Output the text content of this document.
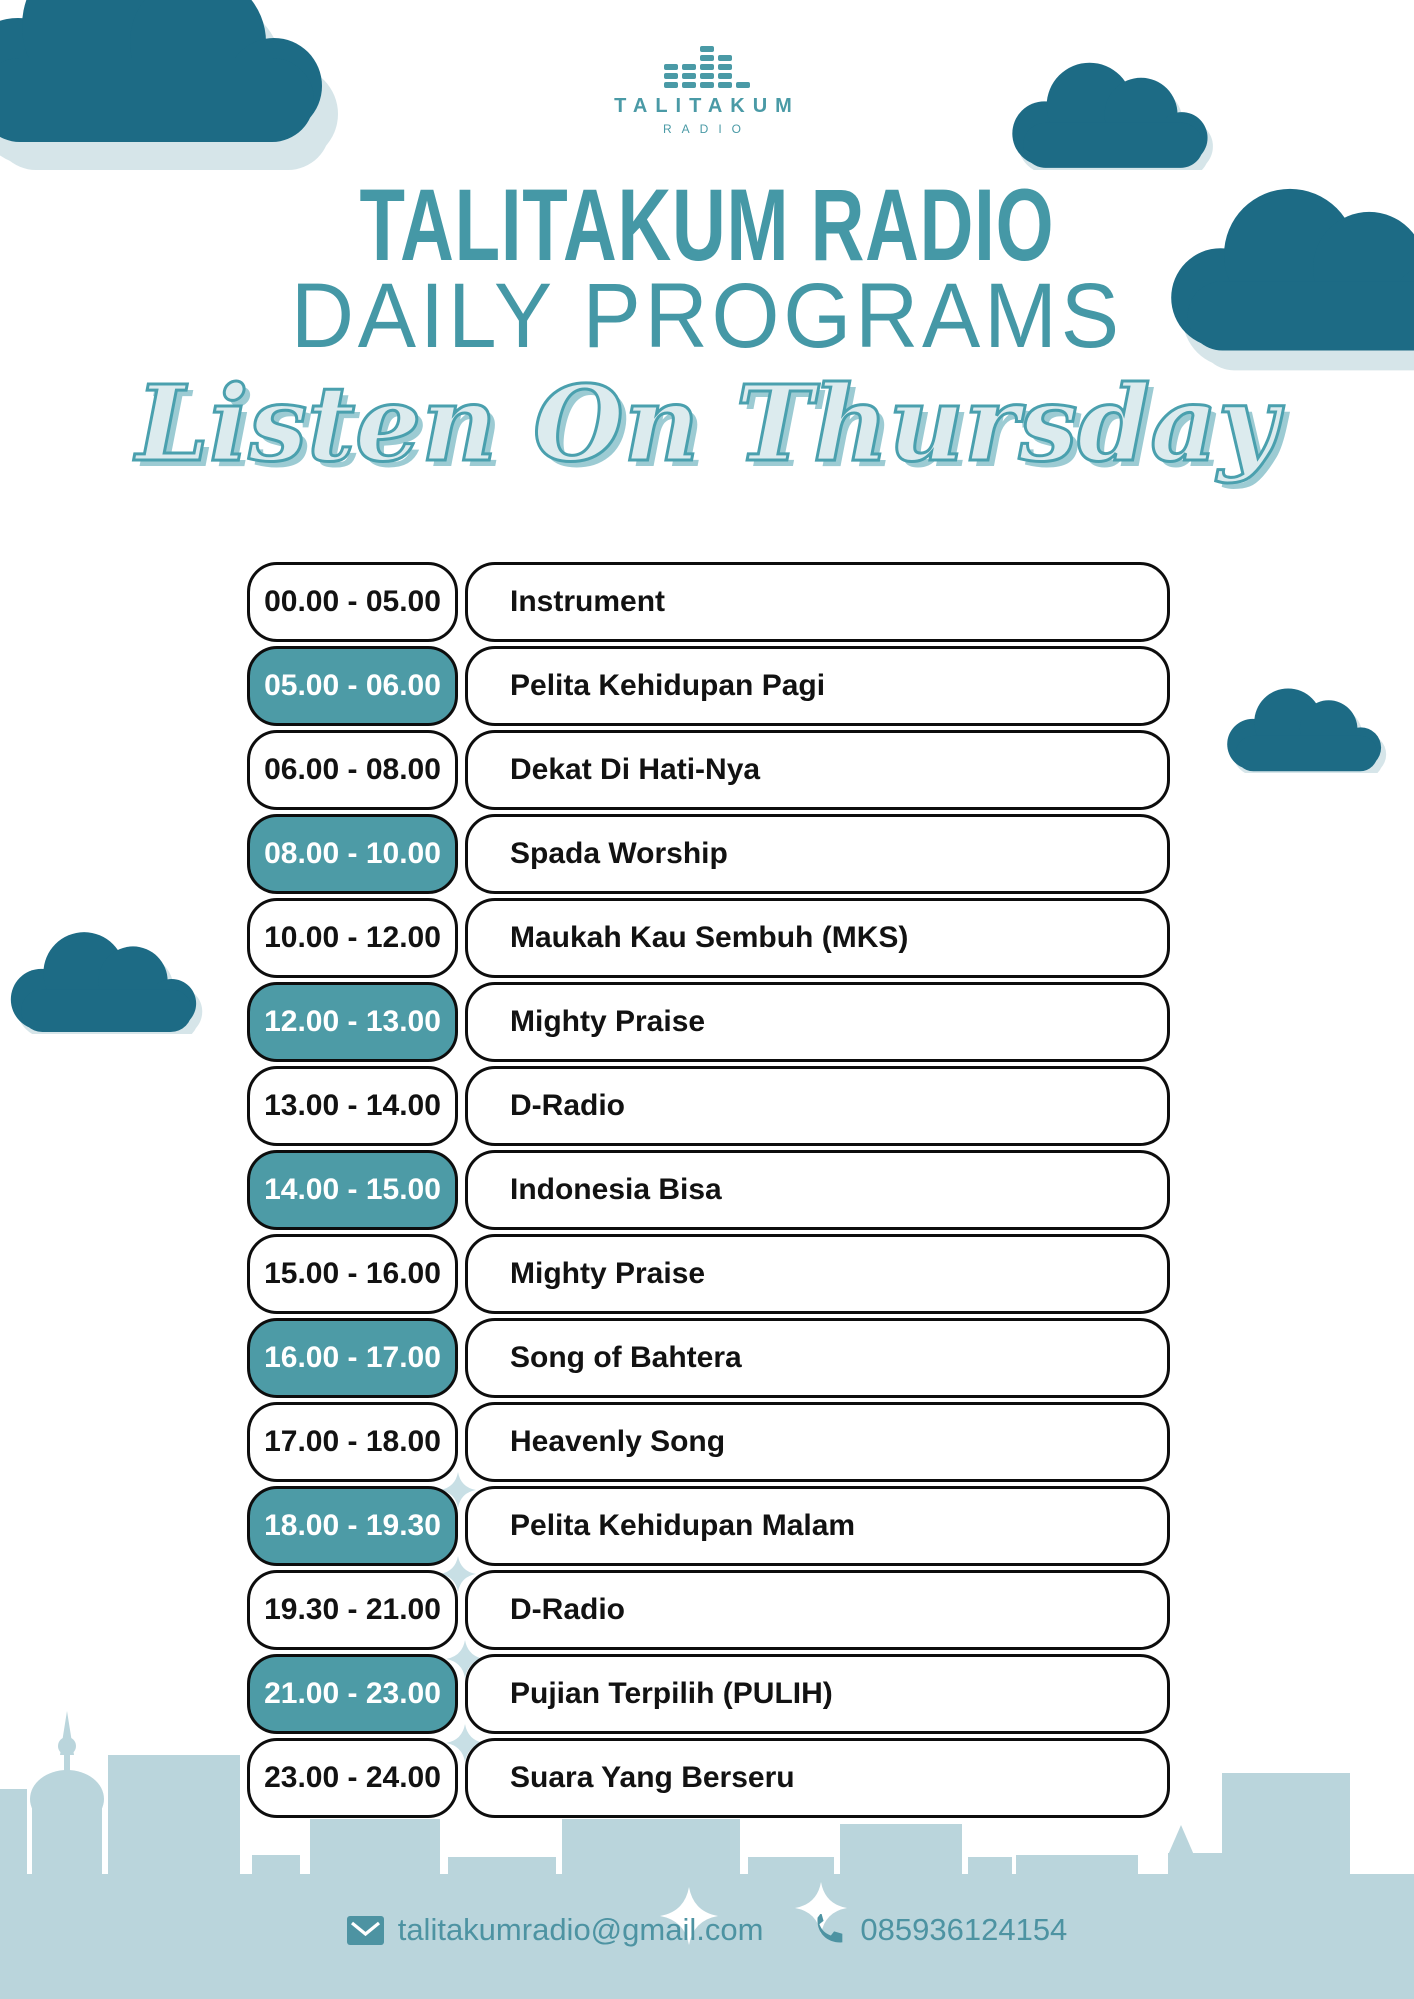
TALITAKUM
RADIO
TALITAKUM RADIO
DAILY PROGRAMS
Listen On Thursday
00.00 - 05.00	Instrument
05.00 - 06.00	Pelita Kehidupan Pagi
06.00 - 08.00	Dekat Di Hati-Nya
08.00 - 10.00	Spada Worship
10.00 - 12.00	Maukah Kau Sembuh (MKS)
12.00 - 13.00	Mighty Praise
13.00 - 14.00	D-Radio
14.00 - 15.00	Indonesia Bisa
15.00 - 16.00	Mighty Praise
16.00 - 17.00	Song of Bahtera
17.00 - 18.00	Heavenly Song
18.00 - 19.30	Pelita Kehidupan Malam
19.30 - 21.00	D-Radio
21.00 - 23.00	Pujian Terpilih (PULIH)
23.00 - 24.00	Suara Yang Berseru
talitakumradio@gmail.com	085936124154
